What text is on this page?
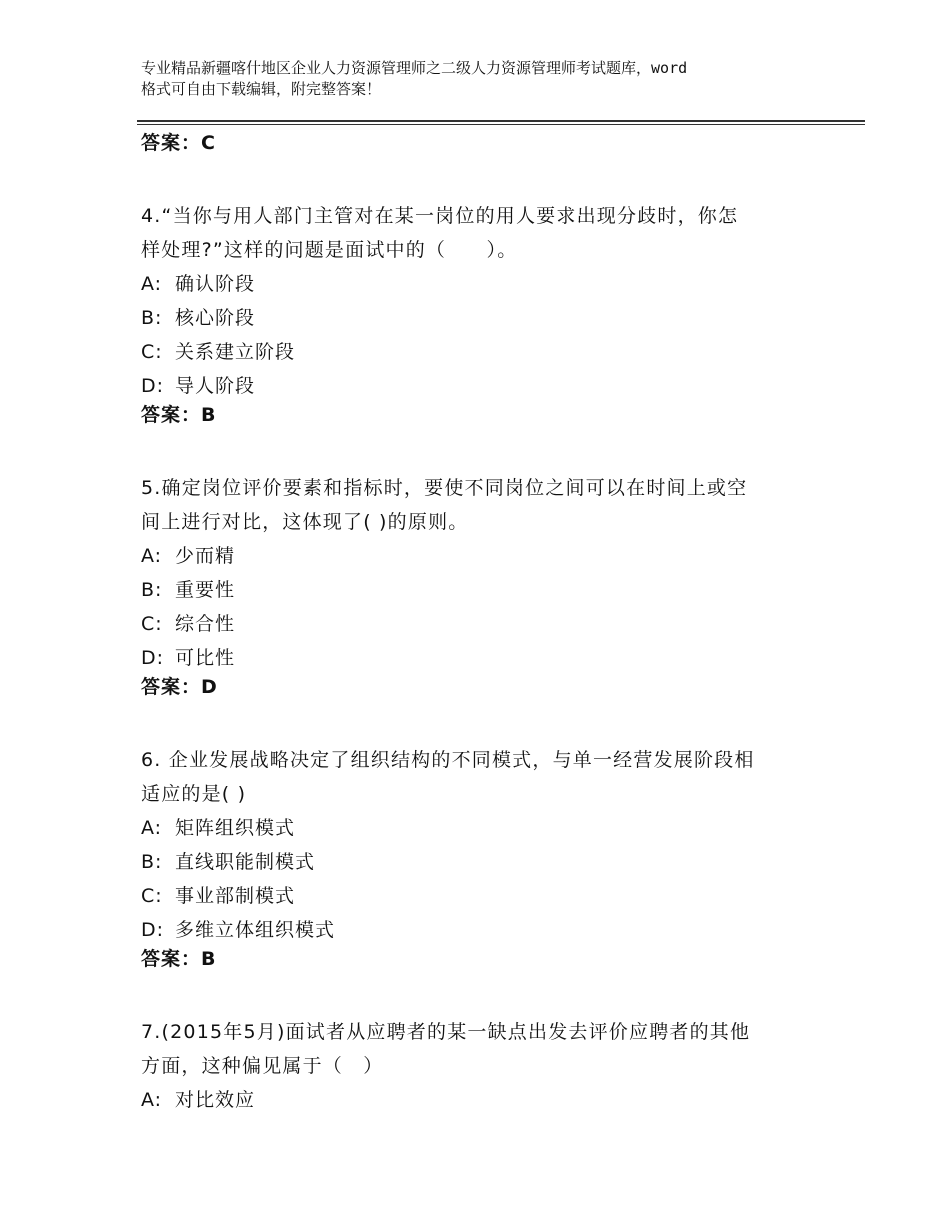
专业精品新疆喀什地区企业人力资源管理师之二级人力资源管理师考试题库，word
格式可自由下载编辑，附完整答案！
答案：C
4.“当你与用人部门主管对在某一岗位的用人要求出现分歧时，你怎
样处理?”这样的问题是面试中的（　　）。
A: 确认阶段
B: 核心阶段
C: 关系建立阶段
D: 导人阶段
答案：B
5.确定岗位评价要素和指标时，要使不同岗位之间可以在时间上或空
间上进行对比，这体现了( )的原则。
A: 少而精
B: 重要性
C: 综合性
D: 可比性
答案：D
6. 企业发展战略决定了组织结构的不同模式，与单一经营发展阶段相
适应的是( )
A: 矩阵组织模式
B: 直线职能制模式
C: 事业部制模式
D: 多维立体组织模式
答案：B
7.(2015年5月)面试者从应聘者的某一缺点出发去评价应聘者的其他
方面，这种偏见属于（　）
A: 对比效应
